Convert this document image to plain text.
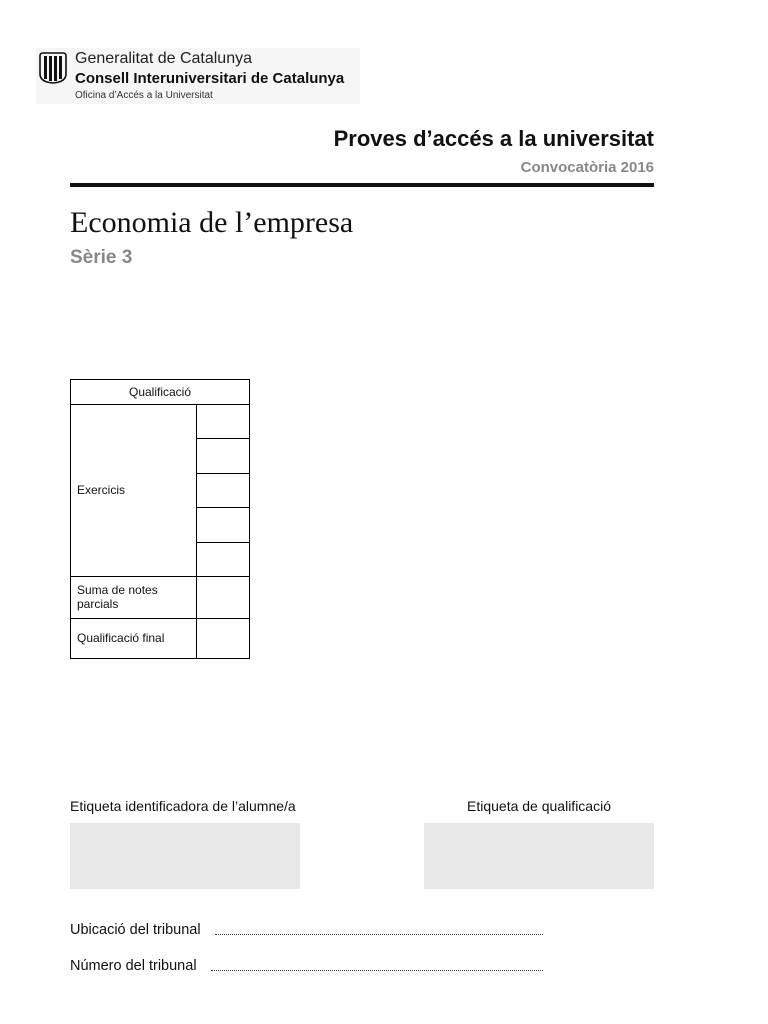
Generalitat de Catalunya
Consell Interuniversitari de Catalunya
Oficina d’Accés a la Universitat
Proves d’accés a la universitat
Convocatòria 2016
Economia de l’empresa
Sèrie 3
Qualificació
Exercicis
Suma de notes parcials
Qualificació final
Etiqueta identificadora de l’alumne/a	Etiqueta de qualificació
Ubicació del tribunal
Número del tribunal
